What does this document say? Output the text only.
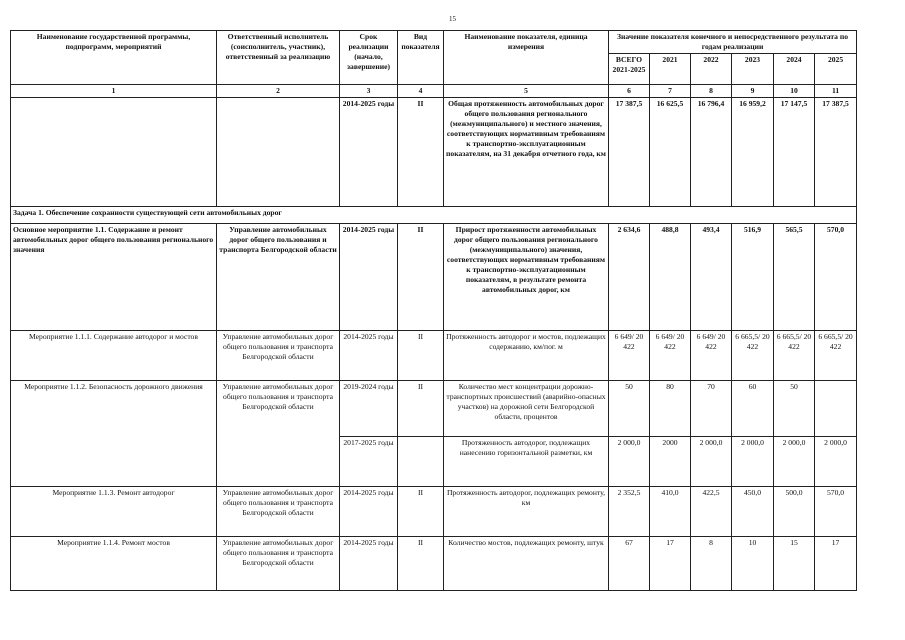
15
Наименование государственной программы, подпрограмм, мероприятий	Ответственный исполнитель (соисполнитель, участник), ответственный за реализацию	Срок реализации (начало, завершение)	Вид показателя	Наименование показателя, единица измерения	Значение показателя конечного и непосредственного результата по годам реализации					
					ВСЕГО 2021-2025	2021	2022	2023	2024	2025
1	2	3	4	5	6	7	8	9	10	11
		2014-2025 годы	II	Общая протяженность автомобильных дорог общего пользования регионального (межмуниципального) и местного значения, соответствующих нормативным требованиям к транспортно-эксплуатационным показателям, на 31 декабря отчетного года, км	17 387,5	16 625,5	16 796,4	16 959,2	17 147,5	17 387,5
Задача 1. Обеспечение сохранности существующей сети автомобильных дорог										
Основное мероприятие 1.1. Содержание и ремонт автомобильных дорог общего пользования регионального значения	Управление автомобильных дорог общего пользования и транспорта Белгородской области	2014-2025 годы	II	Прирост протяженности автомобильных дорог общего пользования регионального (межмуниципального) значения, соответствующих нормативным требованиям к транспортно-эксплуатационным показателям, в результате ремонта автомобильных дорог, км	2 634,6	488,8	493,4	516,9	565,5	570,0
Мероприятие 1.1.1. Содержание автодорог и мостов	Управление автомобильных дорог общего пользования и транспорта Белгородской области	2014-2025 годы	II	Протяженность автодорог и мостов, подлежащих содержанию, км/пог. м	6 649/ 20 422	6 649/ 20 422	6 649/ 20 422	6 665,5/ 20 422	6 665,5/ 20 422	6 665,5/ 20 422
Мероприятие 1.1.2. Безопасность дорожного движения	Управление автомобильных дорог общего пользования и транспорта Белгородской области	2019-2024 годы	II	Количество мест концентрации дорожно-транспортных происшествий (аварийно-опасных участков) на дорожной сети Белгородской области, процентов	50	80	70	60	50	
		2017-2025 годы		Протяженность автодорог, подлежащих нанесению горизонтальной разметки, км	2 000,0	2000	2 000,0	2 000,0	2 000,0	2 000,0
Мероприятие 1.1.3. Ремонт автодорог	Управление автомобильных дорог общего пользования и транспорта Белгородской области	2014-2025 годы	II	Протяженность автодорог, подлежащих ремонту, км	2 352,5	410,0	422,5	450,0	500,0	570,0
Мероприятие 1.1.4. Ремонт мостов	Управление автомобильных дорог общего пользования и транспорта Белгородской области	2014-2025 годы	II	Количество мостов, подлежащих ремонту, штук	67	17	8	10	15	17
